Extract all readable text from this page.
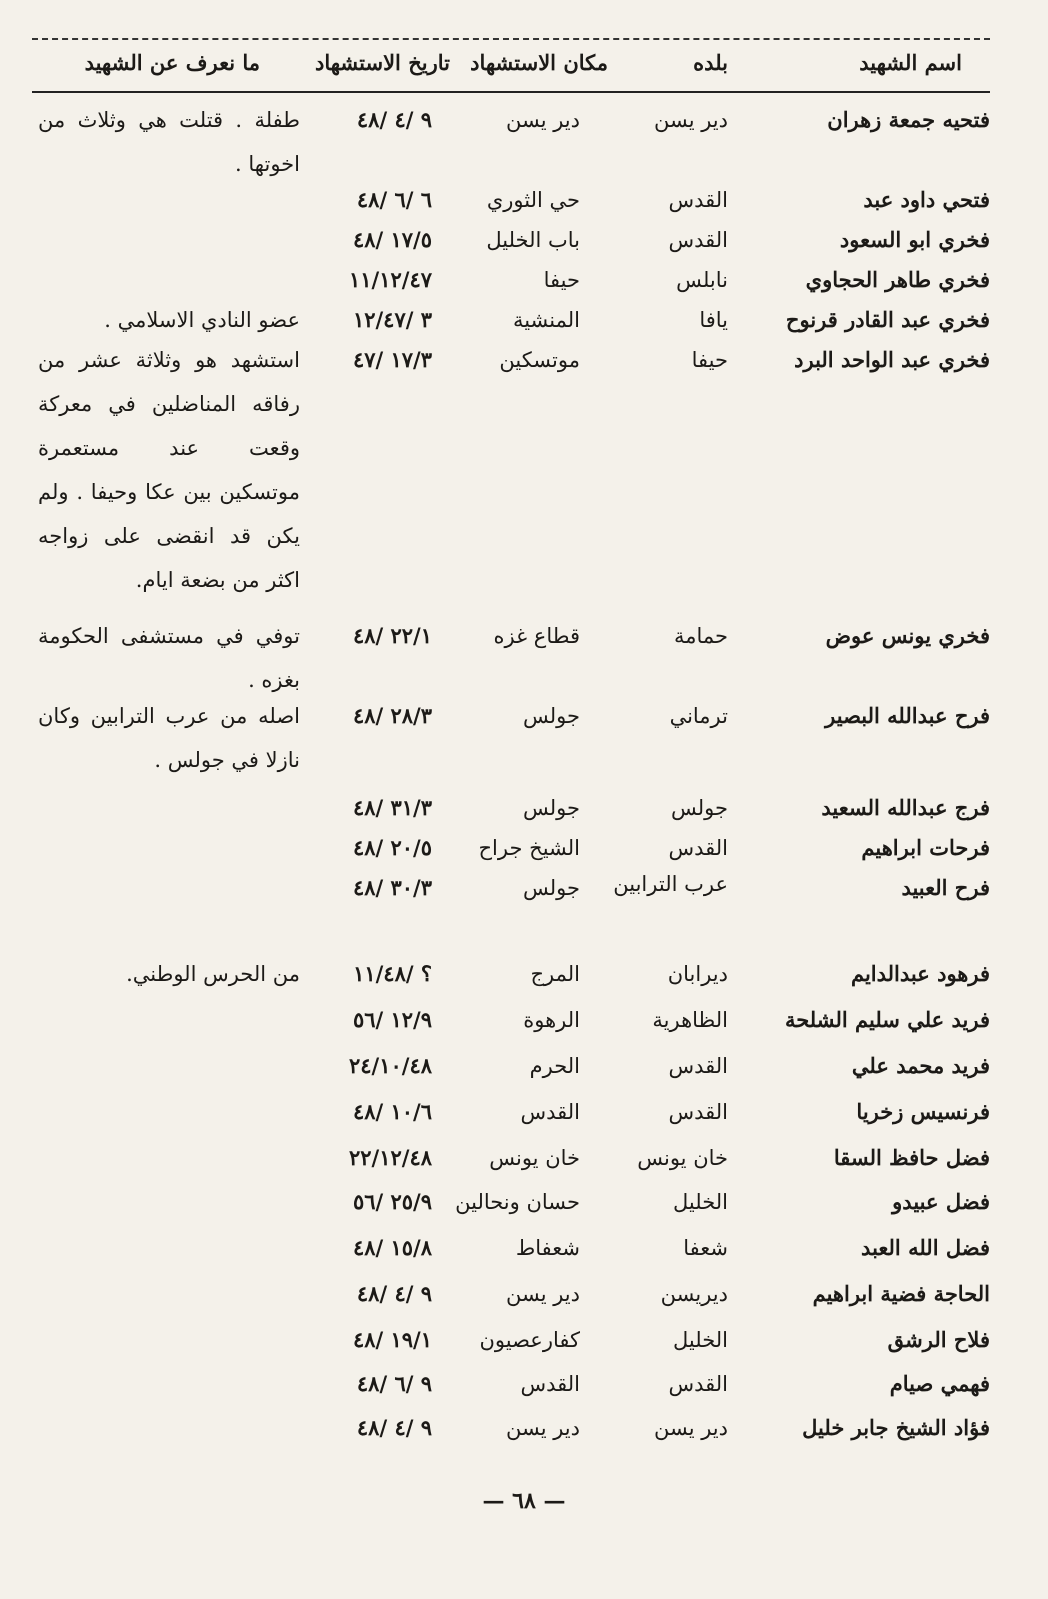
اسم الشهيد
بلده
مكان الاستشهاد
تاريخ الاستشهاد
ما نعرف عن الشهيد
فتحيه جمعة زهران
دير يسن
دير يسن
٩ /٤ /٤٨
طفلة . قتلت هي وثلاث من اخوتها .
فتحي داود عبد
القدس
حي الثوري
٦ /٦ /٤٨
فخري ابو السعود
القدس
باب الخليل
١٧/٥ /٤٨
فخري طاهر الحجاوي
نابلس
حيفا
١١/١٢/٤٧
فخري عبد القادر قرنوح
يافا
المنشية
٣ /١٢/٤٧
عضو النادي الاسلامي .
فخري عبد الواحد البرد
حيفا
موتسكين
١٧/٣ /٤٧
استشهد هو وثلاثة عشر من رفاقه المناضلين في معركة وقعت عند مستعمرة موتسكين بين عكا وحيفا . ولم يكن قد انقضى على زواجه اكثر من بضعة ايام.
فخري يونس عوض
حمامة
قطاع غزه
٢٢/١ /٤٨
توفي في مستشفى الحكومة بغزه .
فرح عبدالله البصير
ترماني
جولس
٢٨/٣ /٤٨
اصله من عرب الترابين وكان نازلا في جولس .
فرج عبدالله السعيد
جولس
جولس
٣١/٣ /٤٨
فرحات ابراهيم
القدس
الشيخ جراح
٢٠/٥ /٤٨
فرح العبيد
عرب الترابين
جولس
٣٠/٣ /٤٨
فرهود عبدالدايم
ديرابان
المرج
؟ /١١/٤٨
من الحرس الوطني.
فريد علي سليم الشلحة
الظاهرية
الرهوة
١٢/٩ /٥٦
فريد محمد علي
القدس
الحرم
٢٤/١٠/٤٨
فرنسيس زخريا
القدس
القدس
١٠/٦ /٤٨
فضل حافظ السقا
خان يونس
خان يونس
٢٢/١٢/٤٨
فضل عبيدو
الخليل
حسان ونحالين
٢٥/٩ /٥٦
فضل الله العبد
شعفا
شعفاط
١٥/٨ /٤٨
الحاجة فضية ابراهيم
ديريسن
دير يسن
٩ /٤ /٤٨
فلاح الرشق
الخليل
كفارعصيون
١٩/١ /٤٨
فهمي صيام
القدس
القدس
٩ /٦ /٤٨
فؤاد الشيخ جابر خليل
دير يسن
دير يسن
٩ /٤ /٤٨
— ٦٨ —
